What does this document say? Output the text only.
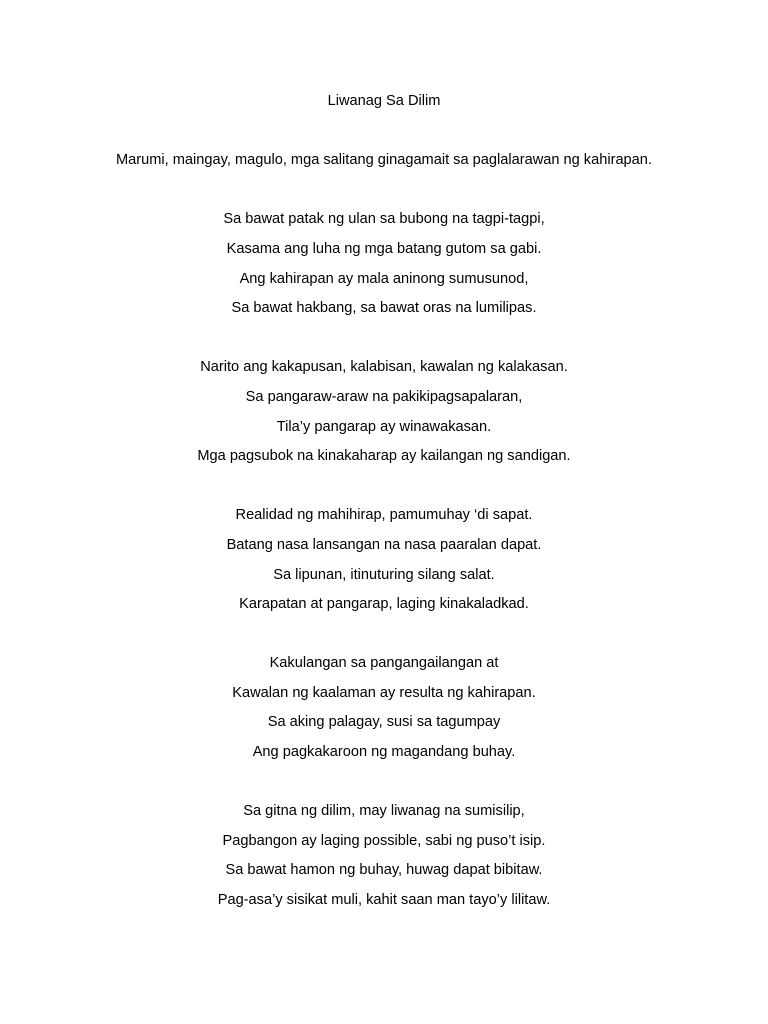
Liwanag Sa Dilim
Marumi, maingay, magulo, mga salitang ginagamait sa paglalarawan ng kahirapan.
Sa bawat patak ng ulan sa bubong na tagpi-tagpi,
Kasama ang luha ng mga batang gutom sa gabi.
Ang kahirapan ay mala aninong sumusunod,
Sa bawat hakbang, sa bawat oras na lumilipas.
Narito ang kakapusan, kalabisan, kawalan ng kalakasan.
Sa pangaraw-araw na pakikipagsapalaran,
Tila’y pangarap ay winawakasan.
Mga pagsubok na kinakaharap ay kailangan ng sandigan.
Realidad ng mahihirap, pamumuhay ‘di sapat.
Batang nasa lansangan na nasa paaralan dapat.
Sa lipunan, itinuturing silang salat.
Karapatan at pangarap, laging kinakaladkad.
Kakulangan sa pangangailangan at
Kawalan ng kaalaman ay resulta ng kahirapan.
Sa aking palagay, susi sa tagumpay
Ang pagkakaroon ng magandang buhay.
Sa gitna ng dilim, may liwanag na sumisilip,
Pagbangon ay laging possible, sabi ng puso’t isip.
Sa bawat hamon ng buhay, huwag dapat bibitaw.
Pag-asa’y sisikat muli, kahit saan man tayo’y lilitaw.
